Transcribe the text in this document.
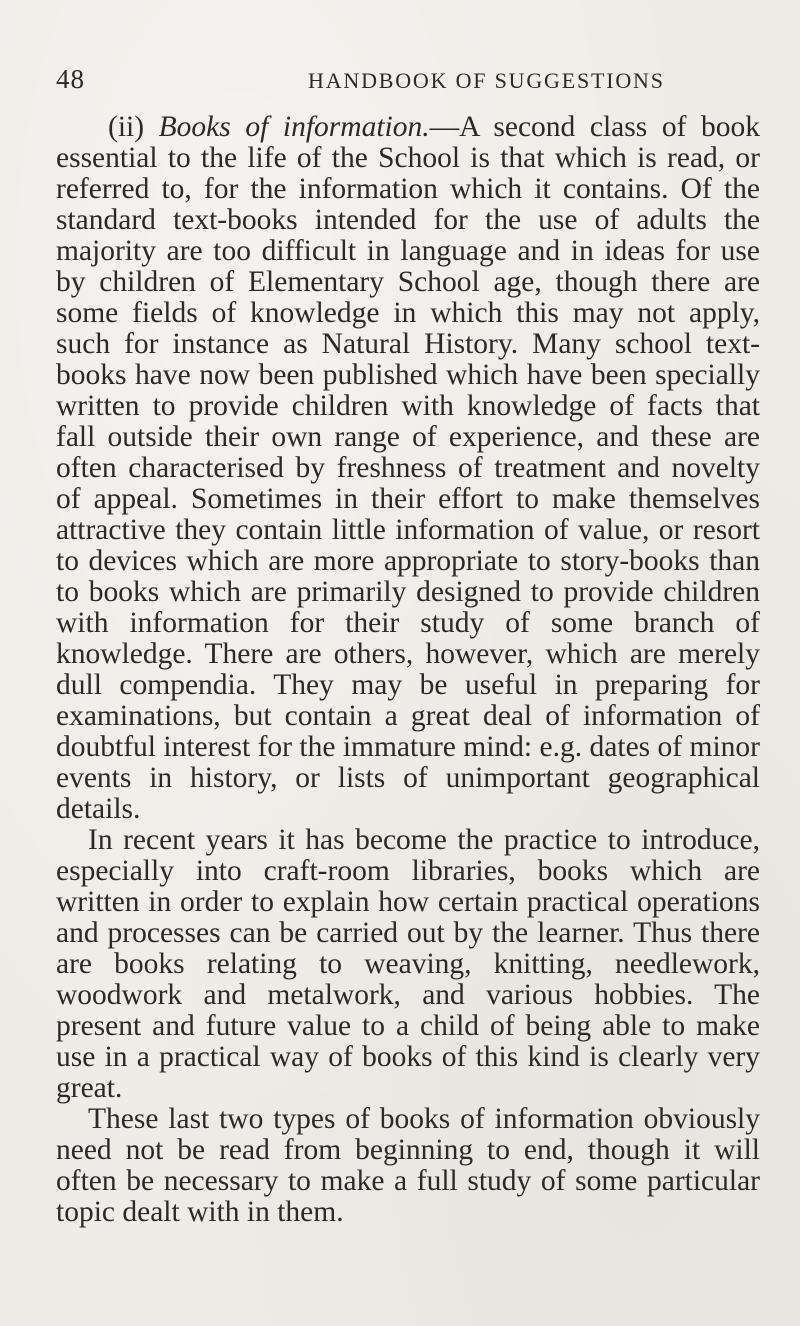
48	HANDBOOK OF SUGGESTIONS

(ii) Books of information.—A second class of book essential to the life of the School is that which is read, or referred to, for the information which it contains. Of the standard text-books intended for the use of adults the majority are too difficult in language and in ideas for use by children of Elementary School age, though there are some fields of knowledge in which this may not apply, such for instance as Natural History. Many school text-books have now been published which have been specially written to provide children with knowledge of facts that fall outside their own range of experience, and these are often characterised by freshness of treatment and novelty of appeal. Sometimes in their effort to make themselves attractive they contain little information of value, or resort to devices which are more appropriate to story-books than to books which are primarily designed to provide children with information for their study of some branch of knowledge. There are others, however, which are merely dull compendia. They may be useful in preparing for examinations, but contain a great deal of information of doubtful interest for the immature mind: e.g. dates of minor events in history, or lists of unimportant geographical details.

In recent years it has become the practice to introduce, especially into craft-room libraries, books which are written in order to explain how certain practical operations and processes can be carried out by the learner. Thus there are books relating to weaving, knitting, needlework, woodwork and metalwork, and various hobbies. The present and future value to a child of being able to make use in a practical way of books of this kind is clearly very great.

These last two types of books of information obviously need not be read from beginning to end, though it will often be necessary to make a full study of some particular topic dealt with in them.
